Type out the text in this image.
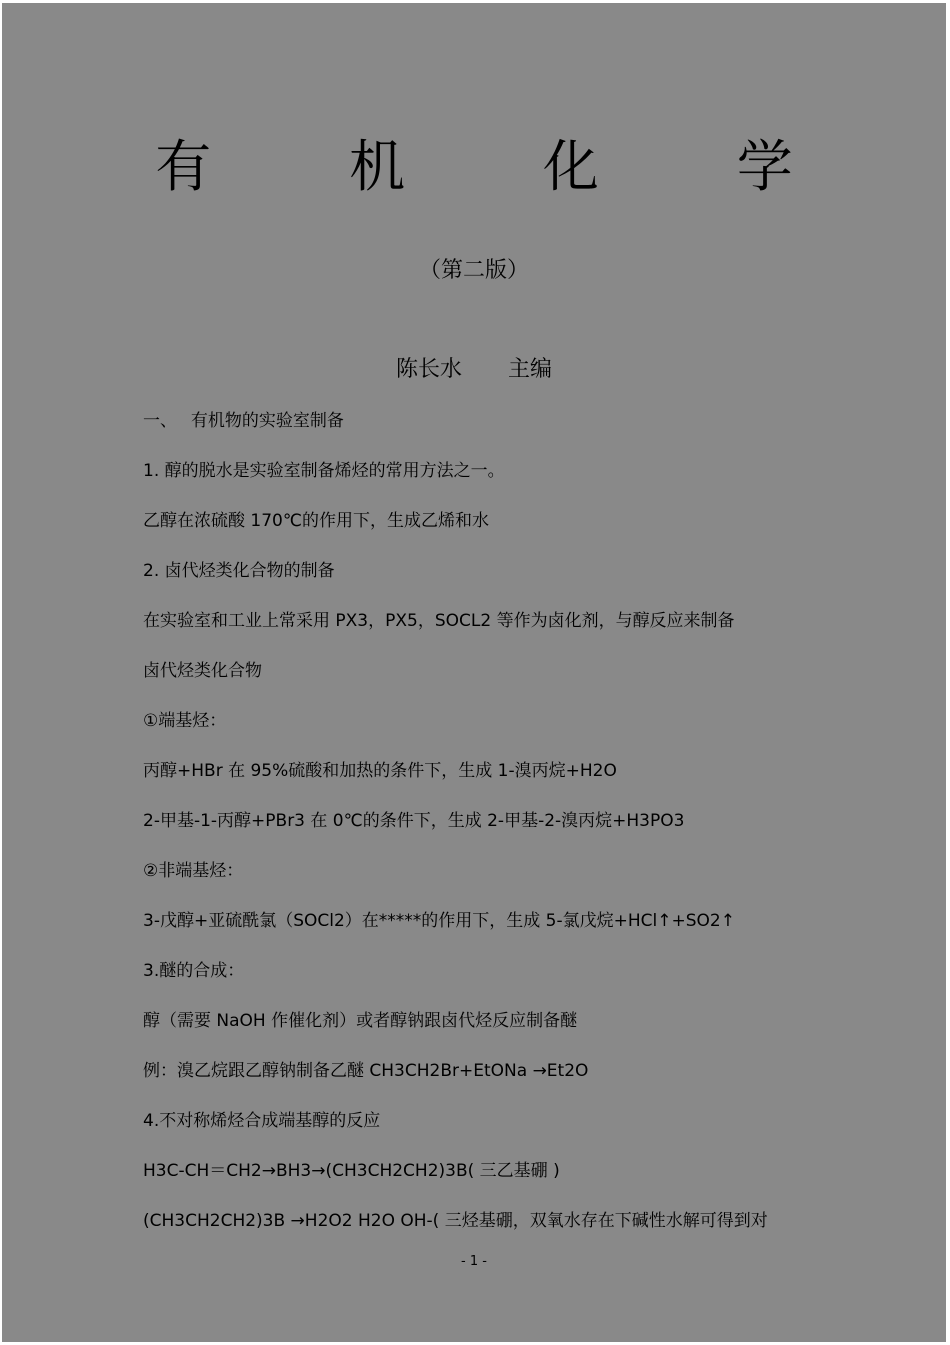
有 机 化 学
（第二版）
陈长水 主编
一、　 有机物的实验室制备
1. 醇的脱水是实验室制备烯烃的常用方法之一。
乙醇在浓硫酸 170℃的作用下，生成乙烯和水
2. 卤代烃类化合物的制备
在实验室和工业上常采用 PX3，PX5，SOCL2 等作为卤化剂，与醇反应来制备
卤代烃类化合物
①端基烃：
丙醇+HBr 在 95%硫酸和加热的条件下，生成 1-溴丙烷+H2O
2-甲基-1-丙醇+PBr3 在 0℃的条件下，生成 2-甲基-2-溴丙烷+H3PO3
②非端基烃：
3-戊醇+亚硫酰氯（SOCl2）在*****的作用下，生成 5-氯戊烷+HCl↑+SO2↑
3.醚的合成：
醇（需要 NaOH 作催化剂）或者醇钠跟卤代烃反应制备醚
例：溴乙烷跟乙醇钠制备乙醚 CH3CH2Br+EtONa →Et2O
4.不对称烯烃合成端基醇的反应
H3C-CH＝CH2→BH3→(CH3CH2CH2)3B( 三乙基硼 )
(CH3CH2CH2)3B →H2O2 H2O OH-( 三烃基硼，双氧水存在下碱性水解可得到对
- 1 -
